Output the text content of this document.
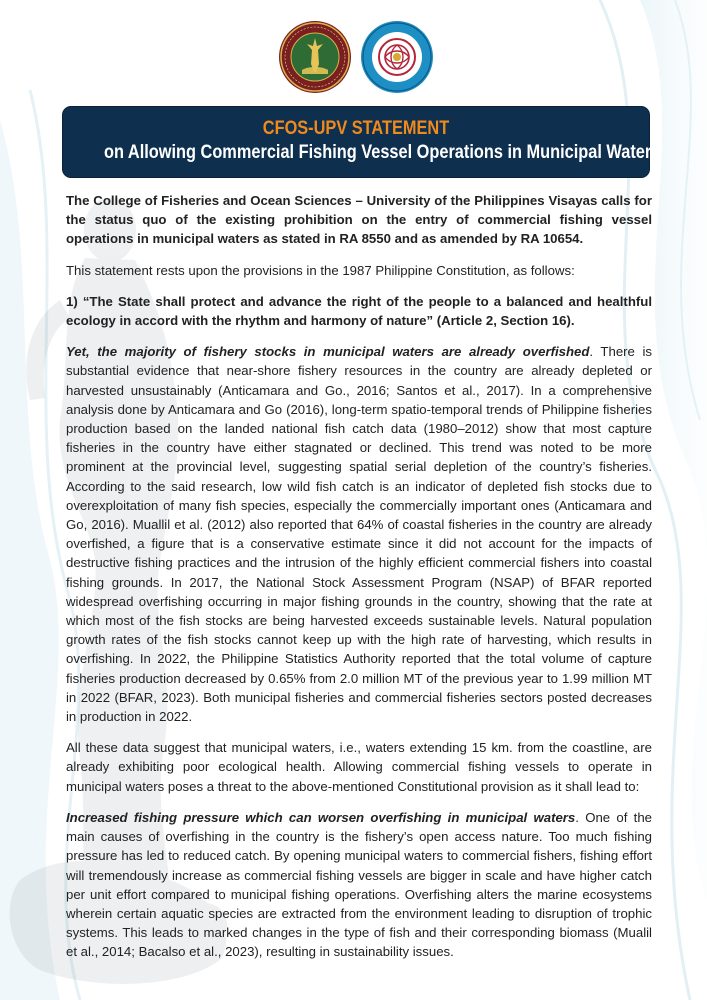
CFOS-UPV STATEMENT
on Allowing Commercial Fishing Vessel Operations in Municipal Waters

The College of Fisheries and Ocean Sciences – University of the Philippines Visayas calls for the status quo of the existing prohibition on the entry of commercial fishing vessel operations in municipal waters as stated in RA 8550 and as amended by RA 10654.

This statement rests upon the provisions in the 1987 Philippine Constitution, as follows:

1) “The State shall protect and advance the right of the people to a balanced and healthful ecology in accord with the rhythm and harmony of nature” (Article 2, Section 16).

Yet, the majority of fishery stocks in municipal waters are already overfished. There is substantial evidence that near-shore fishery resources in the country are already depleted or harvested unsustainably (Anticamara and Go., 2016; Santos et al., 2017). In a comprehensive analysis done by Anticamara and Go (2016), long-term spatio-temporal trends of Philippine fisheries production based on the landed national fish catch data (1980–2012) show that most capture fisheries in the country have either stagnated or declined. This trend was noted to be more prominent at the provincial level, suggesting spatial serial depletion of the country’s fisheries. According to the said research, low wild fish catch is an indicator of depleted fish stocks due to overexploitation of many fish species, especially the commercially important ones (Anticamara and Go, 2016). Muallil et al. (2012) also reported that 64% of coastal fisheries in the country are already overfished, a figure that is a conservative estimate since it did not account for the impacts of destructive fishing practices and the intrusion of the highly efficient commercial fishers into coastal fishing grounds. In 2017, the National Stock Assessment Program (NSAP) of BFAR reported widespread overfishing occurring in major fishing grounds in the country, showing that the rate at which most of the fish stocks are being harvested exceeds sustainable levels. Natural population growth rates of the fish stocks cannot keep up with the high rate of harvesting, which results in overfishing. In 2022, the Philippine Statistics Authority reported that the total volume of capture fisheries production decreased by 0.65% from 2.0 million MT of the previous year to 1.99 million MT in 2022 (BFAR, 2023). Both municipal fisheries and commercial fisheries sectors posted decreases in production in 2022.

All these data suggest that municipal waters, i.e., waters extending 15 km. from the coastline, are already exhibiting poor ecological health. Allowing commercial fishing vessels to operate in municipal waters poses a threat to the above-mentioned Constitutional provision as it shall lead to:

Increased fishing pressure which can worsen overfishing in municipal waters. One of the main causes of overfishing in the country is the fishery’s open access nature. Too much fishing pressure has led to reduced catch. By opening municipal waters to commercial fishers, fishing effort will tremendously increase as commercial fishing vessels are bigger in scale and have higher catch per unit effort compared to municipal fishing operations. Overfishing alters the marine ecosystems wherein certain aquatic species are extracted from the environment leading to disruption of trophic systems. This leads to marked changes in the type of fish and their corresponding biomass (Mualil et al., 2014; Bacalso et al., 2023), resulting in sustainability issues.
